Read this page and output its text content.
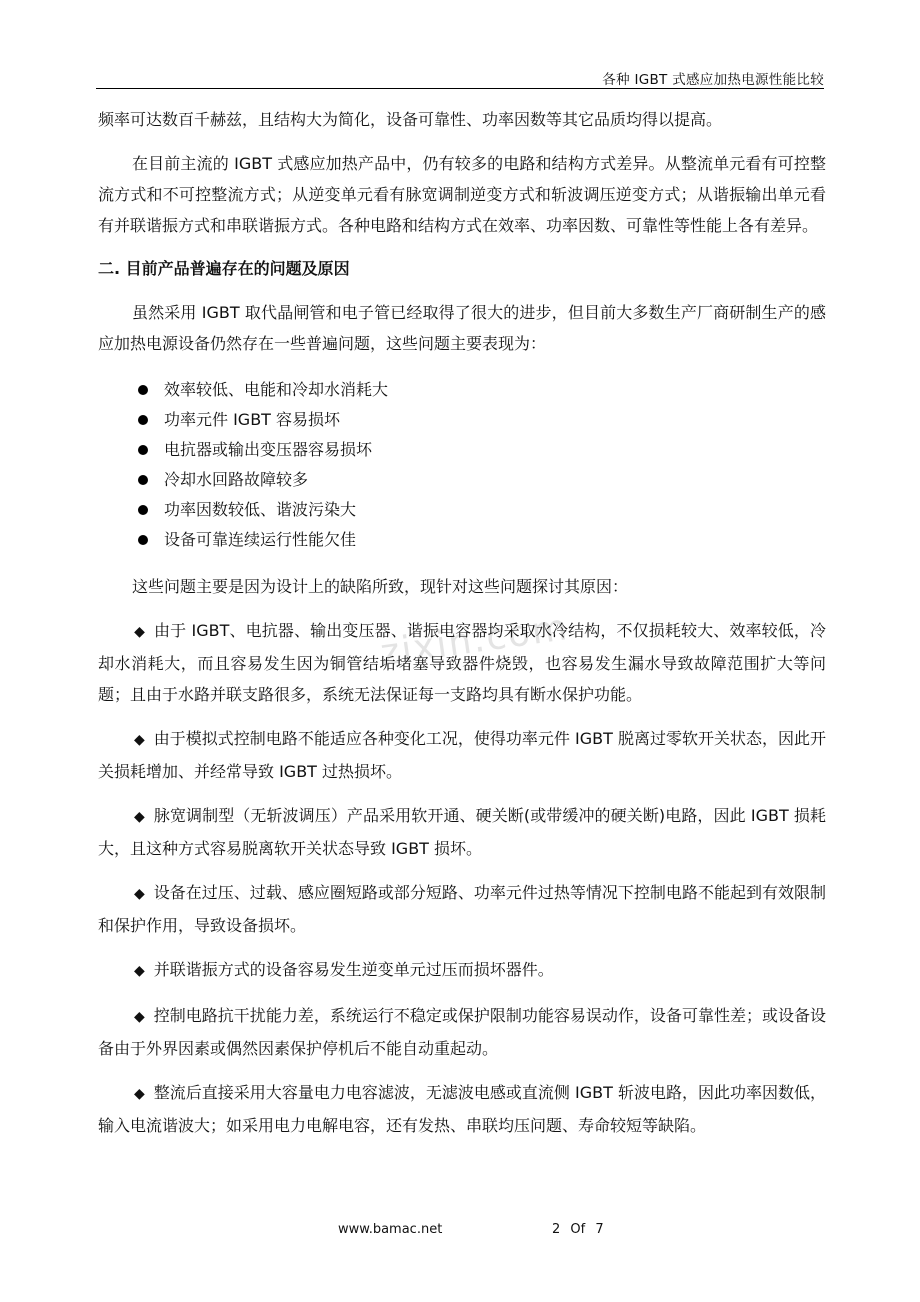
各种 IGBT 式感应加热电源性能比较
zixin.com

频率可达数百千赫兹，且结构大为简化，设备可靠性、功率因数等其它品质均得以提高。

在目前主流的 IGBT 式感应加热产品中，仍有较多的电路和结构方式差异。从整流单元看有可控整流方式和不可控整流方式；从逆变单元看有脉宽调制逆变方式和斩波调压逆变方式；从谐振输出单元看有并联谐振方式和串联谐振方式。各种电路和结构方式在效率、功率因数、可靠性等性能上各有差异。

二. 目前产品普遍存在的问题及原因

虽然采用 IGBT 取代晶闸管和电子管已经取得了很大的进步，但目前大多数生产厂商研制生产的感应加热电源设备仍然存在一些普遍问题，这些问题主要表现为：

效率较低、电能和冷却水消耗大
功率元件 IGBT 容易损坏
电抗器或输出变压器容易损坏
冷却水回路故障较多
功率因数较低、谐波污染大
设备可靠连续运行性能欠佳

这些问题主要是因为设计上的缺陷所致，现针对这些问题探讨其原因：

◆ 由于 IGBT、电抗器、输出变压器、谐振电容器均采取水冷结构，不仅损耗较大、效率较低，冷却水消耗大，而且容易发生因为铜管结垢堵塞导致器件烧毁，也容易发生漏水导致故障范围扩大等问题；且由于水路并联支路很多，系统无法保证每一支路均具有断水保护功能。

◆ 由于模拟式控制电路不能适应各种变化工况，使得功率元件 IGBT 脱离过零软开关状态，因此开关损耗增加、并经常导致 IGBT 过热损坏。

◆ 脉宽调制型（无斩波调压）产品采用软开通、硬关断(或带缓冲的硬关断)电路，因此 IGBT 损耗大，且这种方式容易脱离软开关状态导致 IGBT 损坏。

◆ 设备在过压、过载、感应圈短路或部分短路、功率元件过热等情况下控制电路不能起到有效限制和保护作用，导致设备损坏。

◆ 并联谐振方式的设备容易发生逆变单元过压而损坏器件。

◆ 控制电路抗干扰能力差，系统运行不稳定或保护限制功能容易误动作，设备可靠性差；或设备设备由于外界因素或偶然因素保护停机后不能自动重起动。

◆ 整流后直接采用大容量电力电容滤波，无滤波电感或直流侧 IGBT 斩波电路，因此功率因数低，输入电流谐波大；如采用电力电解电容，还有发热、串联均压问题、寿命较短等缺陷。

www.bamac.net	2 Of 7
